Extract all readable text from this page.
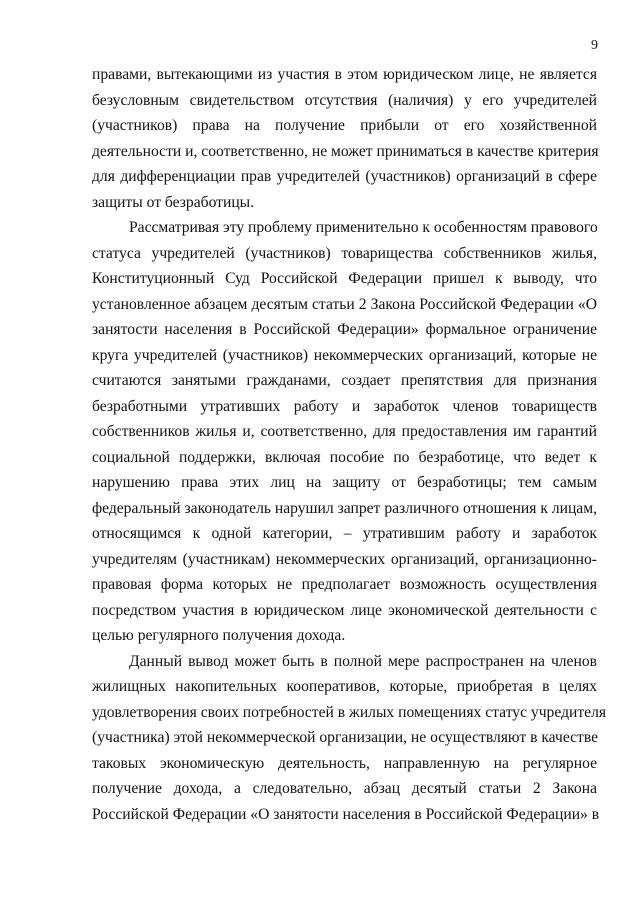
9
правами, вытекающими из участия в этом юридическом лице, не является
безусловным свидетельством отсутствия (наличия) у его учредителей
(участников) права на получение прибыли от его хозяйственной
деятельности и, соответственно, не может приниматься в качестве критерия
для дифференциации прав учредителей (участников) организаций в сфере
защиты от безработицы.
Рассматривая эту проблему применительно к особенностям правового
статуса учредителей (участников) товарищества собственников жилья,
Конституционный Суд Российской Федерации пришел к выводу, что
установленное абзацем десятым статьи 2 Закона Российской Федерации «О
занятости населения в Российской Федерации» формальное ограничение
круга учредителей (участников) некоммерческих организаций, которые не
считаются занятыми гражданами, создает препятствия для признания
безработными утративших работу и заработок членов товариществ
собственников жилья и, соответственно, для предоставления им гарантий
социальной поддержки, включая пособие по безработице, что ведет к
нарушению права этих лиц на защиту от безработицы; тем самым
федеральный законодатель нарушил запрет различного отношения к лицам,
относящимся к одной категории, – утратившим работу и заработок
учредителям (участникам) некоммерческих организаций, организационно-
правовая форма которых не предполагает возможность осуществления
посредством участия в юридическом лице экономической деятельности с
целью регулярного получения дохода.
Данный вывод может быть в полной мере распространен на членов
жилищных накопительных кооперативов, которые, приобретая в целях
удовлетворения своих потребностей в жилых помещениях статус учредителя
(участника) этой некоммерческой организации, не осуществляют в качестве
таковых экономическую деятельность, направленную на регулярное
получение дохода, а следовательно, абзац десятый статьи 2 Закона
Российской Федерации «О занятости населения в Российской Федерации» в
